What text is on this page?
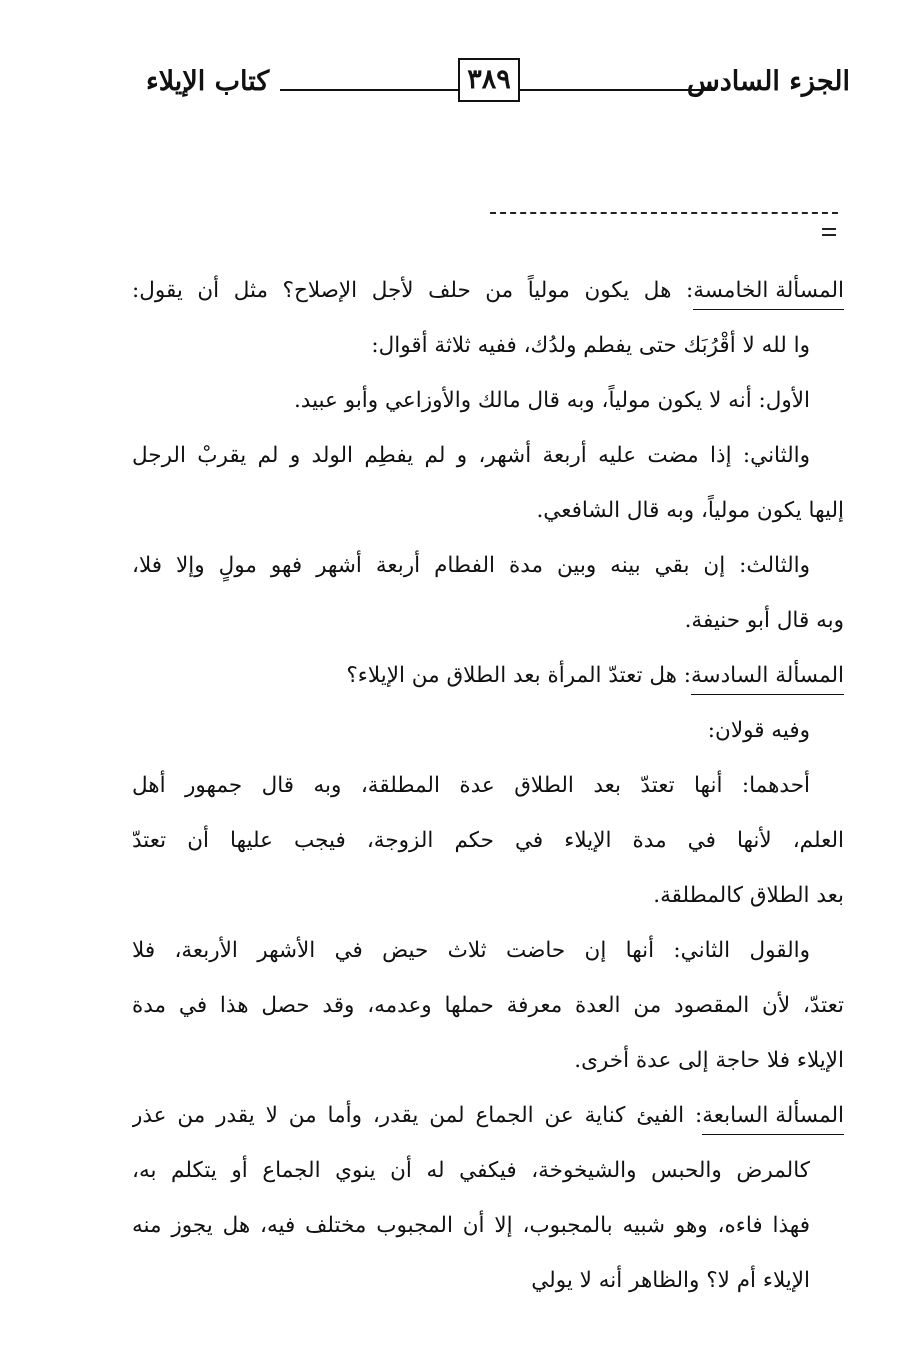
الجزء السادس
٣٨٩
كتاب الإيلاء
المسألة الخامسة: هل يكون مولياً من حلف لأجل الإصلاح؟ مثل أن يقول:
وا لله لا أقْرُبَك حتى يفطم ولدُك، ففيه ثلاثة أقوال:
الأول: أنه لا يكون مولياً، وبه قال مالك والأوزاعي وأبو عبيد.
والثاني: إذا مضت عليه أربعة أشهر، و لم يفطِم الولد و لم يقربْ الرجل
إليها يكون مولياً، وبه قال الشافعي.
والثالث: إن بقي بينه وبين مدة الفطام أربعة أشهر فهو مولٍ وإلا فلا،
وبه قال أبو حنيفة.
المسألة السادسة: هل تعتدّ المرأة بعد الطلاق من الإيلاء؟
وفيه قولان:
أحدهما: أنها تعتدّ بعد الطلاق عدة المطلقة، وبه قال جمهور أهل
العلم، لأنها في مدة الإيلاء في حكم الزوجة، فيجب عليها أن تعتدّ
بعد الطلاق كالمطلقة.
والقول الثاني: أنها إن حاضت ثلاث حيض في الأشهر الأربعة، فلا
تعتدّ، لأن المقصود من العدة معرفة حملها وعدمه، وقد حصل هذا في مدة
الإيلاء فلا حاجة إلى عدة أخرى.
المسألة السابعة: الفيئ كناية عن الجماع لمن يقدر، وأما من لا يقدر من عذر
كالمرض والحبس والشيخوخة، فيكفي له أن ينوي الجماع أو يتكلم به،
فهذا فاءه، وهو شبيه بالمجبوب، إلا أن المجبوب مختلف فيه، هل يجوز منه
الإيلاء أم لا؟ والظاهر أنه لا يولي
